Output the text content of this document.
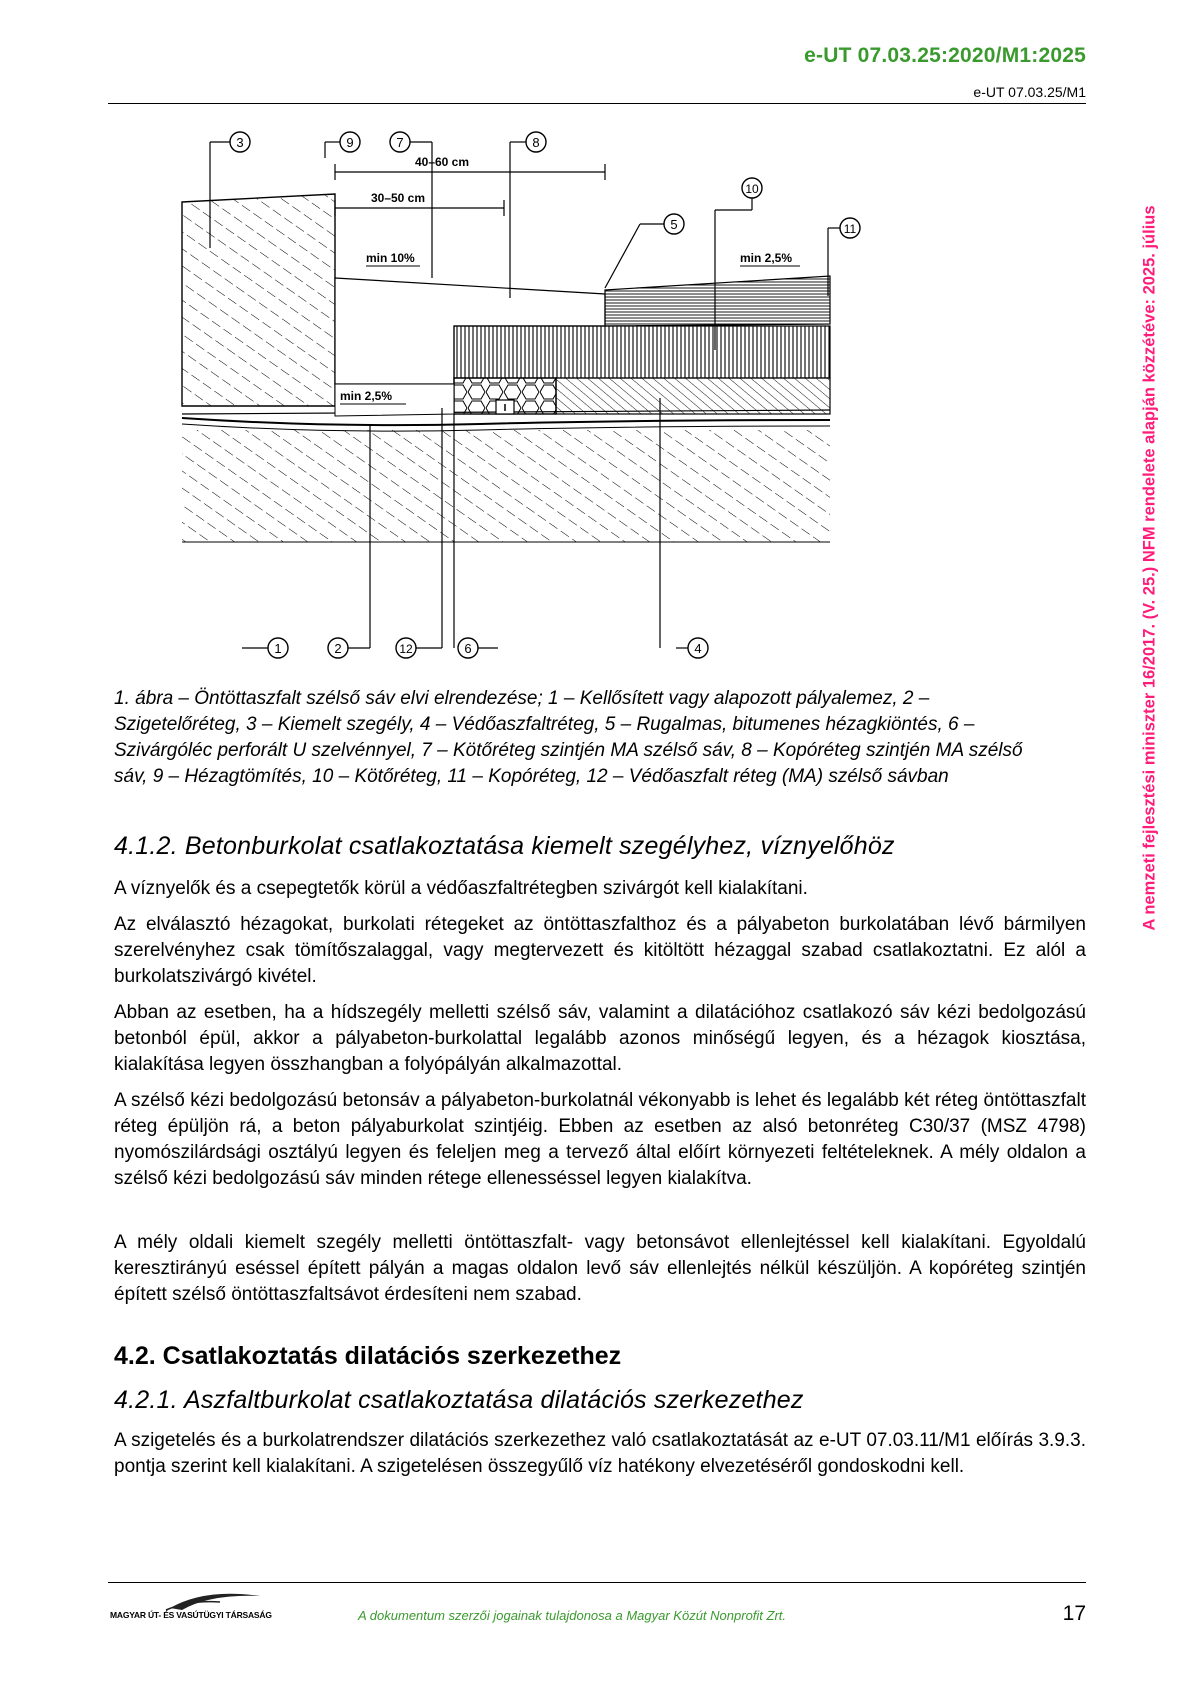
e-UT 07.03.25:2020/M1:2025
e-UT 07.03.25/M1
A nemzeti fejlesztési miniszter 16/2017. (V. 25.) NFM rendelete alapján közzétéve: 2025. július
40–60 cm
30–50 cm
min 10%	min 2,5%
min 2,5%
3	9	7	8
10
5	11
1	2	12	6	4
1. ábra – Öntöttaszfalt szélső sáv elvi elrendezése; 1 – Kellősített vagy alapozott pályalemez, 2 – Szigetelőréteg, 3 – Kiemelt szegély, 4 – Védőaszfaltréteg, 5 – Rugalmas, bitumenes hézagkiöntés, 6 – Szivárgóléc perforált U szelvénnyel, 7 – Kötőréteg szintjén MA szélső sáv, 8 – Kopóréteg szintjén MA szélső sáv, 9 – Hézagtömítés, 10 – Kötőréteg, 11 – Kopóréteg, 12 – Védőaszfalt réteg (MA) szélső sávban
4.1.2. Betonburkolat csatlakoztatása kiemelt szegélyhez, víznyelőhöz
A víznyelők és a csepegtetők körül a védőaszfaltrétegben szivárgót kell kialakítani.
Az elválasztó hézagokat, burkolati rétegeket az öntöttaszfalthoz és a pályabeton burkolatában lévő bármilyen szerelvényhez csak tömítőszalaggal, vagy megtervezett és kitöltött hézaggal szabad csatlakoztatni. Ez alól a burkolatszivárgó kivétel.
Abban az esetben, ha a hídszegély melletti szélső sáv, valamint a dilatációhoz csatlakozó sáv kézi bedolgozású betonból épül, akkor a pályabeton-burkolattal legalább azonos minőségű legyen, és a hézagok kiosztása, kialakítása legyen összhangban a folyópályán alkalmazottal.
A szélső kézi bedolgozású betonsáv a pályabeton-burkolatnál vékonyabb is lehet és legalább két réteg öntöttaszfalt réteg épüljön rá, a beton pályaburkolat szintjéig. Ebben az esetben az alsó betonréteg C30/37 (MSZ 4798) nyomószilárdsági osztályú legyen és feleljen meg a tervező által előírt környezeti feltételeknek. A mély oldalon a szélső kézi bedolgozású sáv minden rétege ellenesséssel legyen kialakítva.
A mély oldali kiemelt szegély melletti öntöttaszfalt- vagy betonsávot ellenlejtéssel kell kialakítani. Egyoldalú keresztirányú eséssel épített pályán a magas oldalon levő sáv ellenlejtés nélkül készüljön. A kopóréteg szintjén épített szélső öntöttaszfaltsávot érdesíteni nem szabad.
4.2. Csatlakoztatás dilatációs szerkezethez
4.2.1. Aszfaltburkolat csatlakoztatása dilatációs szerkezethez
A szigetelés és a burkolatrendszer dilatációs szerkezethez való csatlakoztatását az e-UT 07.03.11/M1 előírás 3.9.3. pontja szerint kell kialakítani. A szigetelésen összegyűlő víz hatékony elvezetéséről gondoskodni kell.
MAGYAR ÚT- ÉS VASÚTÜGYI TÁRSASÁG	A dokumentum szerzői jogainak tulajdonosa a Magyar Közút Nonprofit Zrt.	17
